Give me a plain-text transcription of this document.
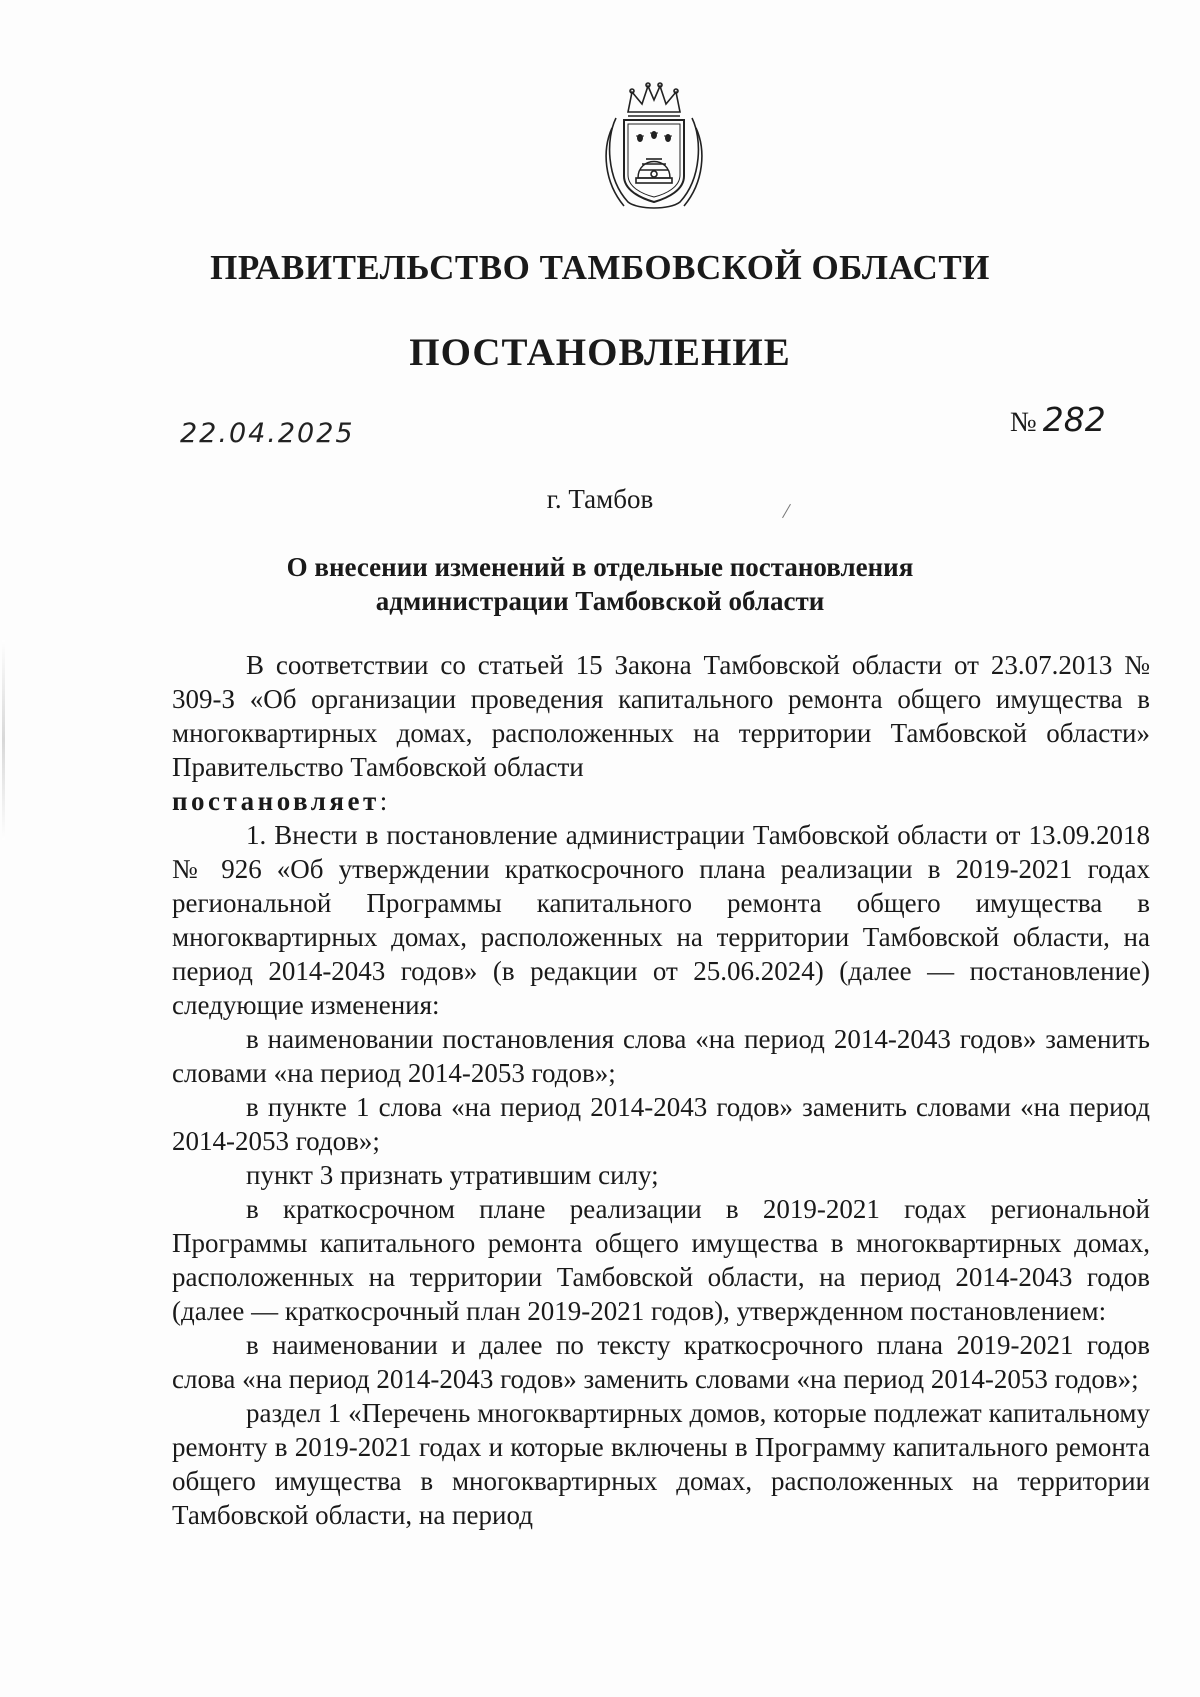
ПРАВИТЕЛЬСТВО ТАМБОВСКОЙ ОБЛАСТИ
ПОСТАНОВЛЕНИЕ
22.04.2025	№ 282
г. Тамбов
О внесении изменений в отдельные постановления
администрации Тамбовской области

В соответствии со статьей 15 Закона Тамбовской области от 23.07.2013 № 309-З «Об организации проведения капитального ремонта общего имущества в многоквартирных домах, расположенных на территории Тамбовской области» Правительство Тамбовской области

постановляет:

1. Внести в постановление администрации Тамбовской области от 13.09.2018 № 926 «Об утверждении краткосрочного плана реализации в 2019-2021 годах региональной Программы капитального ремонта общего имущества в многоквартирных домах, расположенных на территории Тамбовской области, на период 2014-2043 годов» (в редакции от 25.06.2024) (далее — постановление) следующие изменения:

в наименовании постановления слова «на период 2014-2043 годов» заменить словами «на период 2014-2053 годов»;

в пункте 1 слова «на период 2014-2043 годов» заменить словами «на период 2014-2053 годов»;

пункт 3 признать утратившим силу;

в краткосрочном плане реализации в 2019-2021 годах региональной Программы капитального ремонта общего имущества в многоквартирных домах, расположенных на территории Тамбовской области, на период 2014-2043 годов (далее — краткосрочный план 2019-2021 годов), утвержденном постановлением:

в наименовании и далее по тексту краткосрочного плана 2019-2021 годов слова «на период 2014-2043 годов» заменить словами «на период 2014-2053 годов»;

раздел 1 «Перечень многоквартирных домов, которые подлежат капитальному ремонту в 2019-2021 годах и которые включены в Программу капитального ремонта общего имущества в многоквартирных домах, расположенных на территории Тамбовской области, на период
